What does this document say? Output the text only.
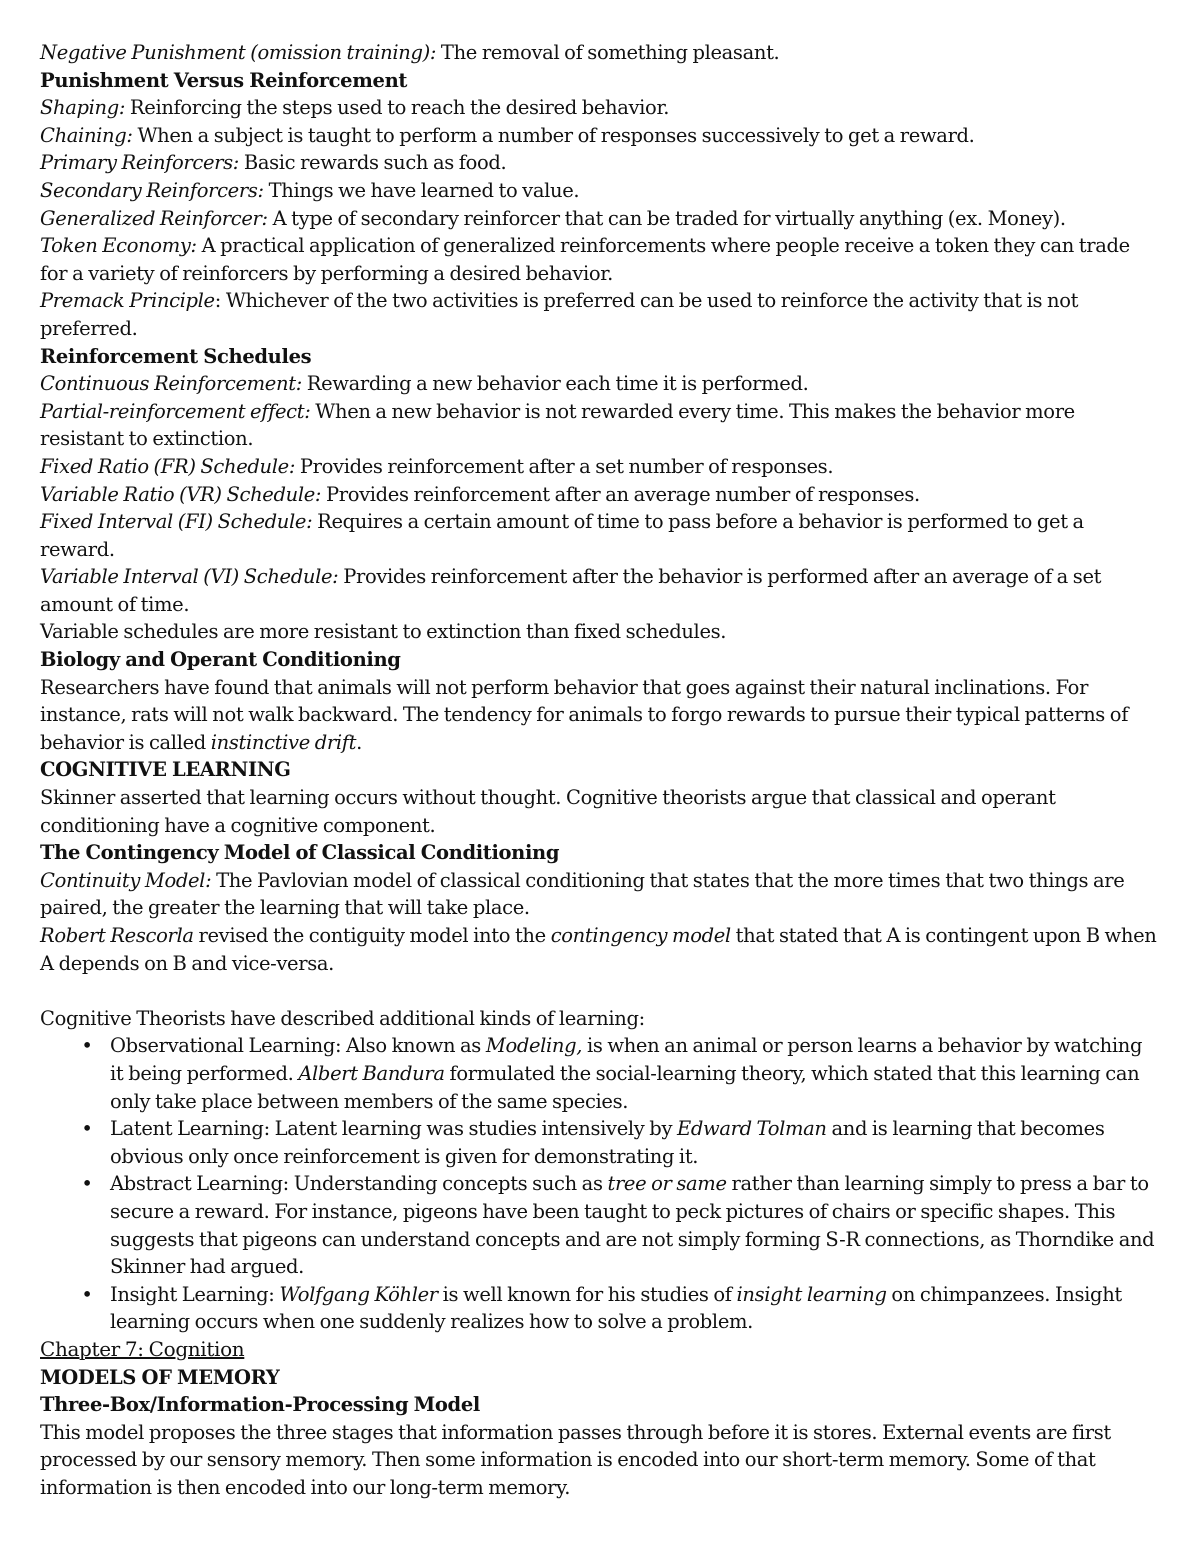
Negative Punishment (omission training): The removal of something pleasant.

Punishment Versus Reinforcement

Shaping: Reinforcing the steps used to reach the desired behavior.

Chaining: When a subject is taught to perform a number of responses successively to get a reward.

Primary Reinforcers: Basic rewards such as food.

Secondary Reinforcers: Things we have learned to value.

Generalized Reinforcer: A type of secondary reinforcer that can be traded for virtually anything (ex. Money).

Token Economy: A practical application of generalized reinforcements where people receive a token they can trade for a variety of reinforcers by performing a desired behavior.

Premack Principle: Whichever of the two activities is preferred can be used to reinforce the activity that is not preferred.

Reinforcement Schedules

Continuous Reinforcement: Rewarding a new behavior each time it is performed.

Partial-reinforcement effect: When a new behavior is not rewarded every time. This makes the behavior more resistant to extinction.

Fixed Ratio (FR) Schedule: Provides reinforcement after a set number of responses.

Variable Ratio (VR) Schedule: Provides reinforcement after an average number of responses.

Fixed Interval (FI) Schedule: Requires a certain amount of time to pass before a behavior is performed to get a reward.

Variable Interval (VI) Schedule: Provides reinforcement after the behavior is performed after an average of a set amount of time.

Variable schedules are more resistant to extinction than fixed schedules.

Biology and Operant Conditioning

Researchers have found that animals will not perform behavior that goes against their natural inclinations. For instance, rats will not walk backward. The tendency for animals to forgo rewards to pursue their typical patterns of behavior is called instinctive drift.

COGNITIVE LEARNING

Skinner asserted that learning occurs without thought. Cognitive theorists argue that classical and operant conditioning have a cognitive component.

The Contingency Model of Classical Conditioning

Continuity Model: The Pavlovian model of classical conditioning that states that the more times that two things are paired, the greater the learning that will take place.

Robert Rescorla revised the contiguity model into the contingency model that stated that A is contingent upon B when A depends on B and vice-versa.

Cognitive Theorists have described additional kinds of learning:

• Observational Learning: Also known as Modeling, is when an animal or person learns a behavior by watching it being performed. Albert Bandura formulated the social-learning theory, which stated that this learning can only take place between members of the same species.
• Latent Learning: Latent learning was studies intensively by Edward Tolman and is learning that becomes obvious only once reinforcement is given for demonstrating it.
• Abstract Learning: Understanding concepts such as tree or same rather than learning simply to press a bar to secure a reward. For instance, pigeons have been taught to peck pictures of chairs or specific shapes. This suggests that pigeons can understand concepts and are not simply forming S-R connections, as Thorndike and Skinner had argued.
• Insight Learning: Wolfgang Köhler is well known for his studies of insight learning on chimpanzees. Insight learning occurs when one suddenly realizes how to solve a problem.

Chapter 7: Cognition

MODELS OF MEMORY

Three-Box/Information-Processing Model

This model proposes the three stages that information passes through before it is stores. External events are first processed by our sensory memory. Then some information is encoded into our short-term memory. Some of that information is then encoded into our long-term memory.
